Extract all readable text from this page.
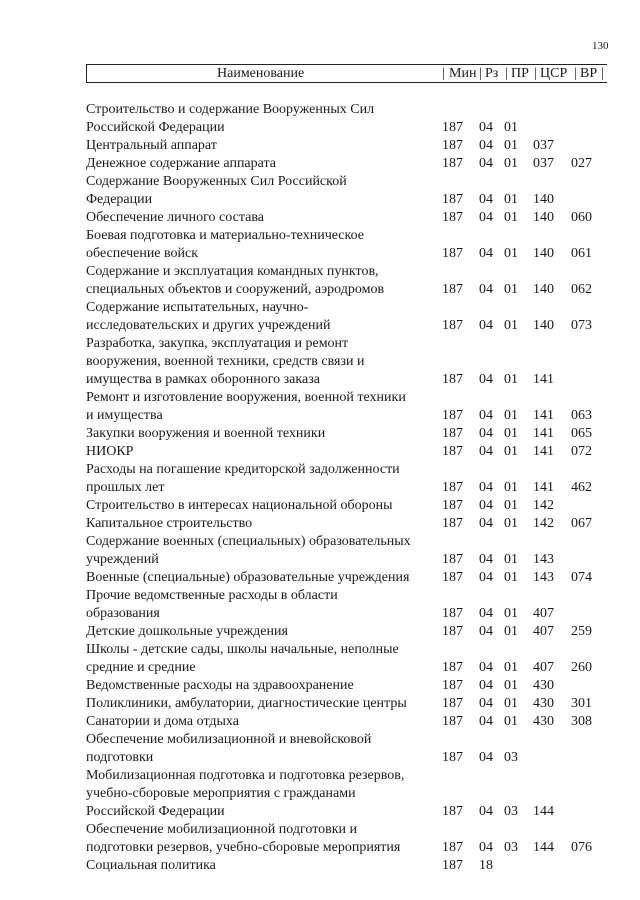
130
Наименование	| Мин | Рз | ПР | ЦСР | ВР |
Строительство и содержание Вооруженных Сил
Российской Федерации	187 04 01
Центральный аппарат	187 04 01 037
Денежное содержание аппарата	187 04 01 037 027
Содержание Вооруженных Сил Российской
Федерации	187 04 01 140
Обеспечение личного состава	187 04 01 140 060
Боевая подготовка и материально-техническое
обеспечение войск	187 04 01 140 061
Содержание и эксплуатация командных пунктов,
специальных объектов и сооружений, аэродромов	187 04 01 140 062
Содержание испытательных, научно-
исследовательских и других учреждений	187 04 01 140 073
Разработка, закупка, эксплуатация и ремонт
вооружения, военной техники, средств связи и
имущества в рамках оборонного заказа	187 04 01 141
Ремонт и изготовление вооружения, военной техники
и имущества	187 04 01 141 063
Закупки вооружения и военной техники	187 04 01 141 065
НИОКР	187 04 01 141 072
Расходы на погашение кредиторской задолженности
прошлых лет	187 04 01 141 462
Строительство в интересах национальной обороны	187 04 01 142
Капитальное строительство	187 04 01 142 067
Содержание военных (специальных) образовательных
учреждений	187 04 01 143
Военные (специальные) образовательные учреждения	187 04 01 143 074
Прочие ведомственные расходы в области
образования	187 04 01 407
Детские дошкольные учреждения	187 04 01 407 259
Школы - детские сады, школы начальные, неполные
средние и средние	187 04 01 407 260
Ведомственные расходы на здравоохранение	187 04 01 430
Поликлиники, амбулатории, диагностические центры	187 04 01 430 301
Санатории и дома отдыха	187 04 01 430 308
Обеспечение мобилизационной и вневойсковой
подготовки	187 04 03
Мобилизационная подготовка и подготовка резервов,
учебно-сборовые мероприятия с гражданами
Российской Федерации	187 04 03 144
Обеспечение мобилизационной подготовки и
подготовки резервов, учебно-сборовые мероприятия	187 04 03 144 076
Социальная политика	187 18
